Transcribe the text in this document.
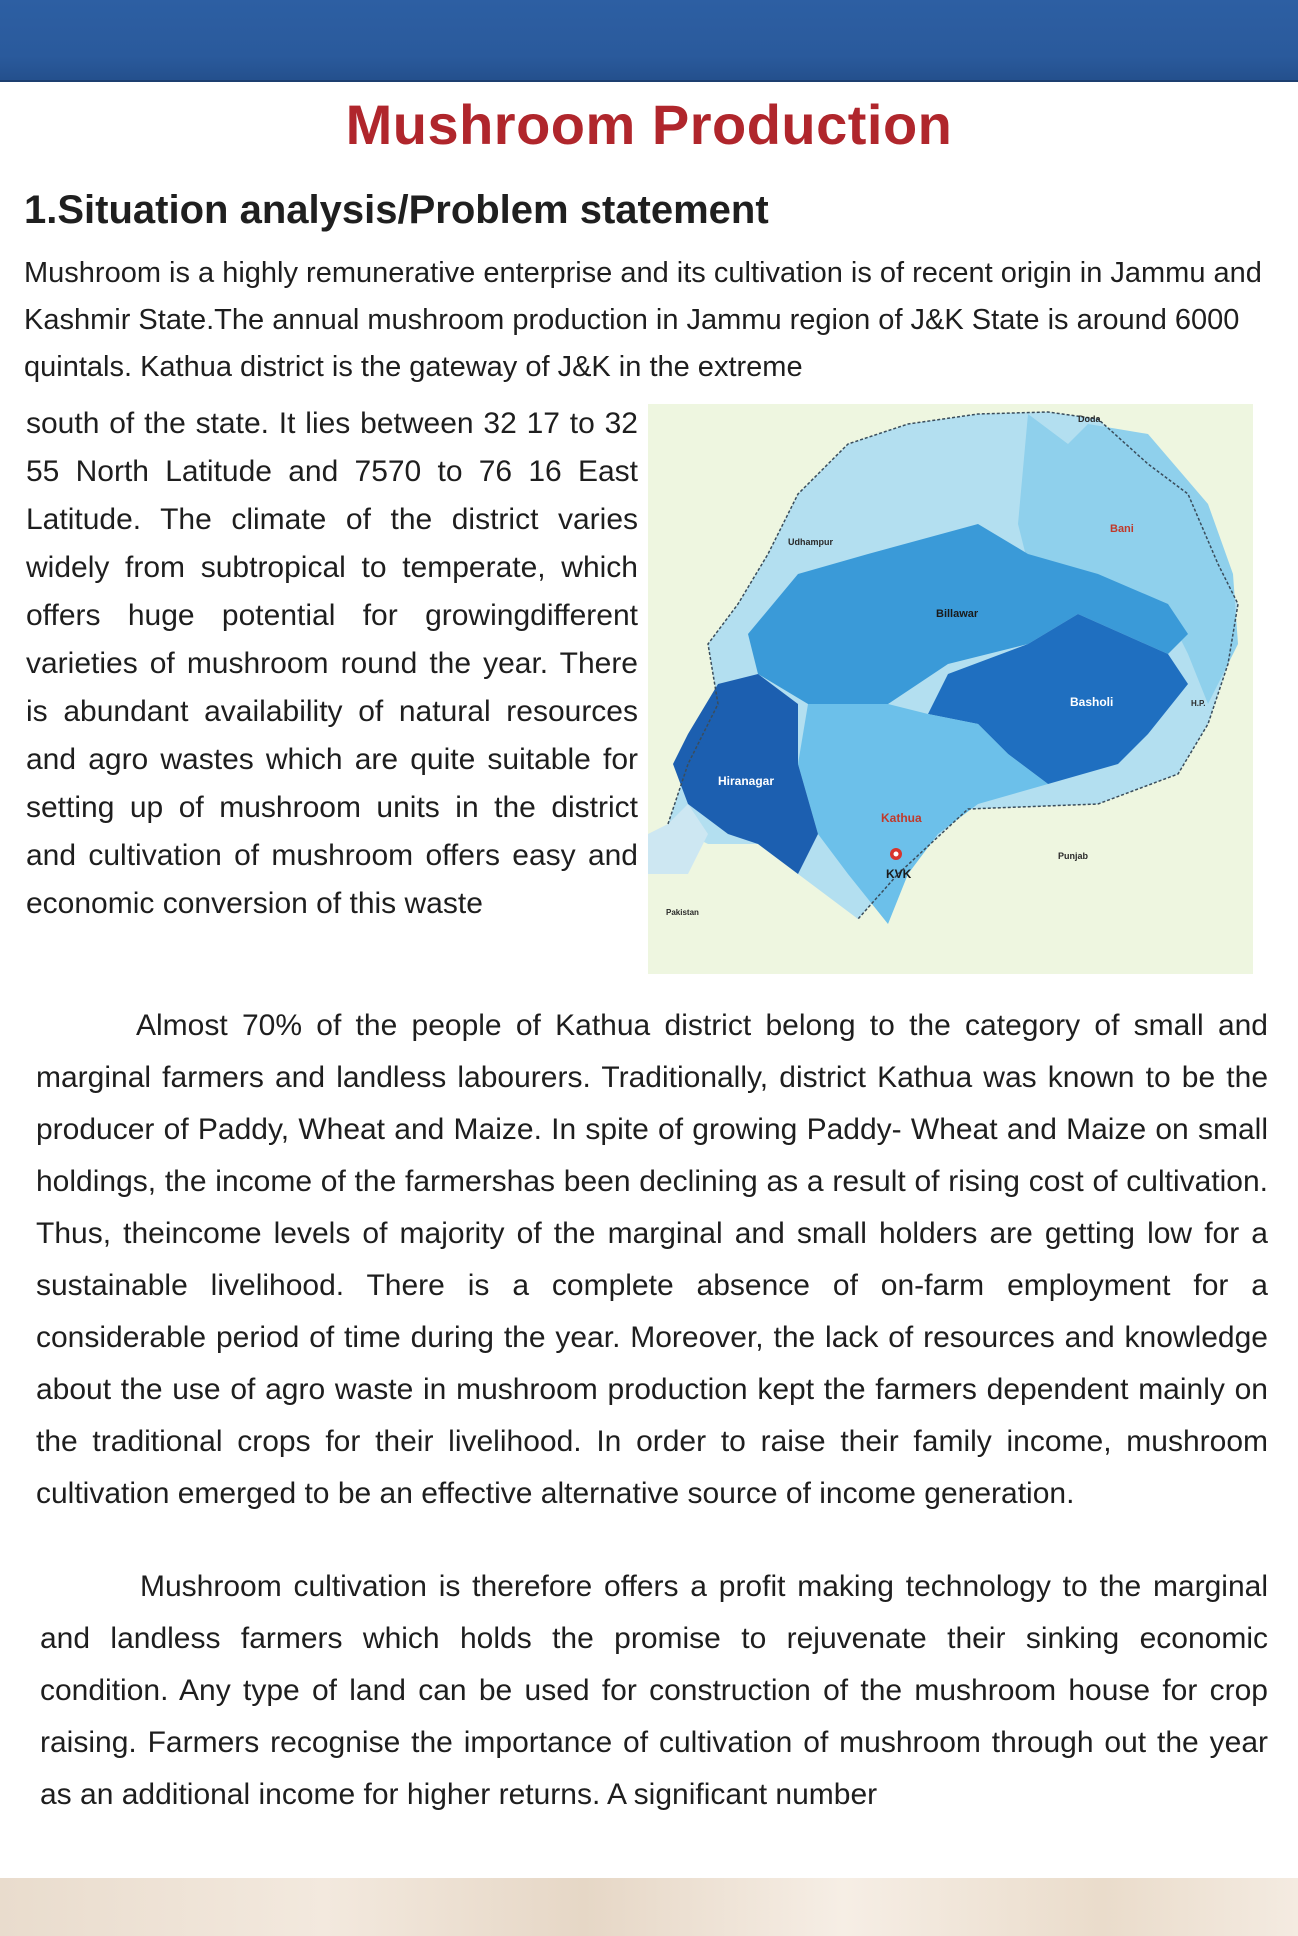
Mushroom Production
1.Situation analysis/Problem statement

Mushroom is a highly remunerative enterprise and its cultivation is of recent origin in Jammu and Kashmir State.The annual mushroom production in Jammu region of J&K State is around 6000 quintals. Kathua district is the gateway of J&K in the extreme

south of the state. It lies between 32 17 to 32 55 North Latitude and 7570 to 76 16 East Latitude. The climate of the district varies widely from subtropical to temperate, which offers huge potential for growingdifferent varieties of mushroom round the year. There is abundant availability of natural resources and agro wastes which are quite suitable for setting up of mushroom units in the district and cultivation of mushroom offers easy and economic conversion of this waste

Doda
Bani
Udhampur
Billawar
Basholi	H.P.
Hiranagar
Kathua
KVK
Punjab
Pakistan

Almost 70% of the people of Kathua district belong to the category of small and marginal farmers and landless labourers. Traditionally, district Kathua was known to be the producer of Paddy, Wheat and Maize. In spite of growing Paddy- Wheat and Maize on small holdings, the income of the farmershas been declining as a result of rising cost of cultivation. Thus, theincome levels of majority of the marginal and small holders are getting low for a sustainable livelihood. There is a complete absence of on-farm employment for a considerable period of time during the year. Moreover, the lack of resources and knowledge about the use of agro waste in mushroom production kept the farmers dependent mainly on the traditional crops for their livelihood. In order to raise their family income, mushroom cultivation emerged to be an effective alternative source of income generation.

Mushroom cultivation is therefore offers a profit making technology to the marginal and landless farmers which holds the promise to rejuvenate their sinking economic condition. Any type of land can be used for construction of the mushroom house for crop raising. Farmers recognise the importance of cultivation of mushroom through out the year as an additional income for higher returns. A significant number
